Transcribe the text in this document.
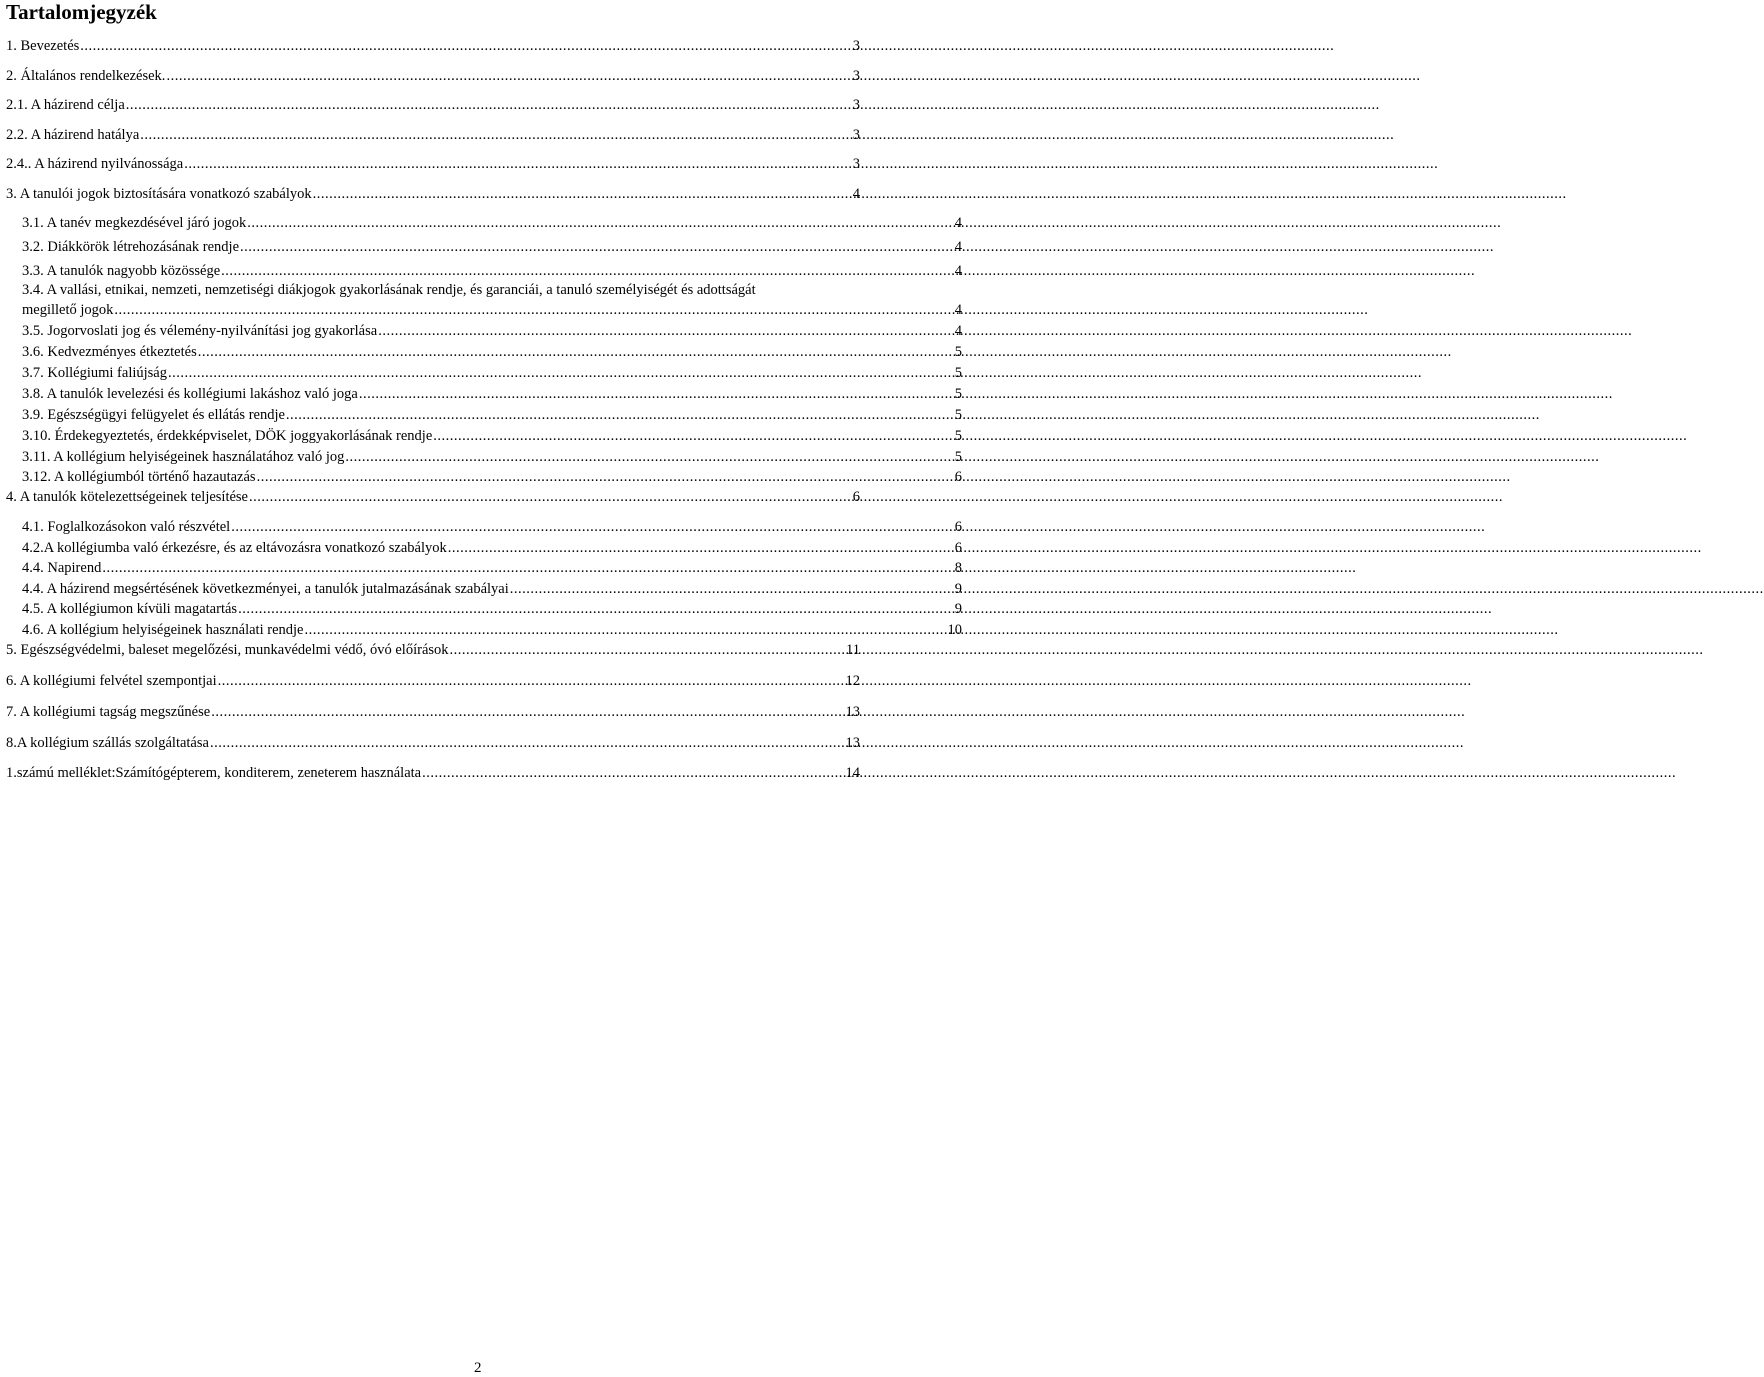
Tartalomjegyzék
1. Bevezetés .....	3
2. Általános rendelkezések. .....	3
2.1. A házirend célja .....	3
2.2. A házirend hatálya .....	3
2.4.. A házirend nyilvánossága .....	3
3. A tanulói jogok biztosítására vonatkozó szabályok .....	4
3.1. A tanév megkezdésével járó jogok .....	4
3.2. Diákkörök létrehozásának rendje .....	4
3.3. A tanulók nagyobb közössége .....	4
3.4. A vallási, etnikai, nemzeti, nemzetiségi diákjogok gyakorlásának rendje, és garanciái, a tanuló személyiségét és adottságát
megillető jogok .....	4
3.5. Jogorvoslati jog és vélemény-nyilvánítási jog gyakorlása .....	4
3.6. Kedvezményes étkeztetés .....	5
3.7. Kollégiumi faliújság .....	5
3.8. A tanulók levelezési és kollégiumi lakáshoz való joga .....	5
3.9. Egészségügyi felügyelet és ellátás rendje .....	5
3.10. Érdekegyeztetés, érdekképviselet, DÖK joggyakorlásának rendje .....	5
3.11. A kollégium helyiségeinek használatához való jog .....	5
3.12. A kollégiumból történő hazautazás .....	6
4. A tanulók kötelezettségeinek teljesítése .....	6
4.1. Foglalkozásokon való részvétel .....	6
4.2.A kollégiumba való érkezésre, és az eltávozásra vonatkozó szabályok .....	6
4.4. Napirend .....	8
4.4. A házirend megsértésének következményei, a tanulók jutalmazásának szabályai .....	9
4.5. A kollégiumon kívüli magatartás .....	9
4.6. A kollégium helyiségeinek használati rendje .....	10
5. Egészségvédelmi, baleset megelőzési, munkavédelmi védő, óvó előírások .....	11
6. A kollégiumi felvétel szempontjai .....	12
7. A kollégiumi tagság megszűnése .....	13
8.A kollégium szállás szolgáltatása .....	13
1.számú melléklet:Számítógépterem, konditerem, zeneterem használata .....	14
2
